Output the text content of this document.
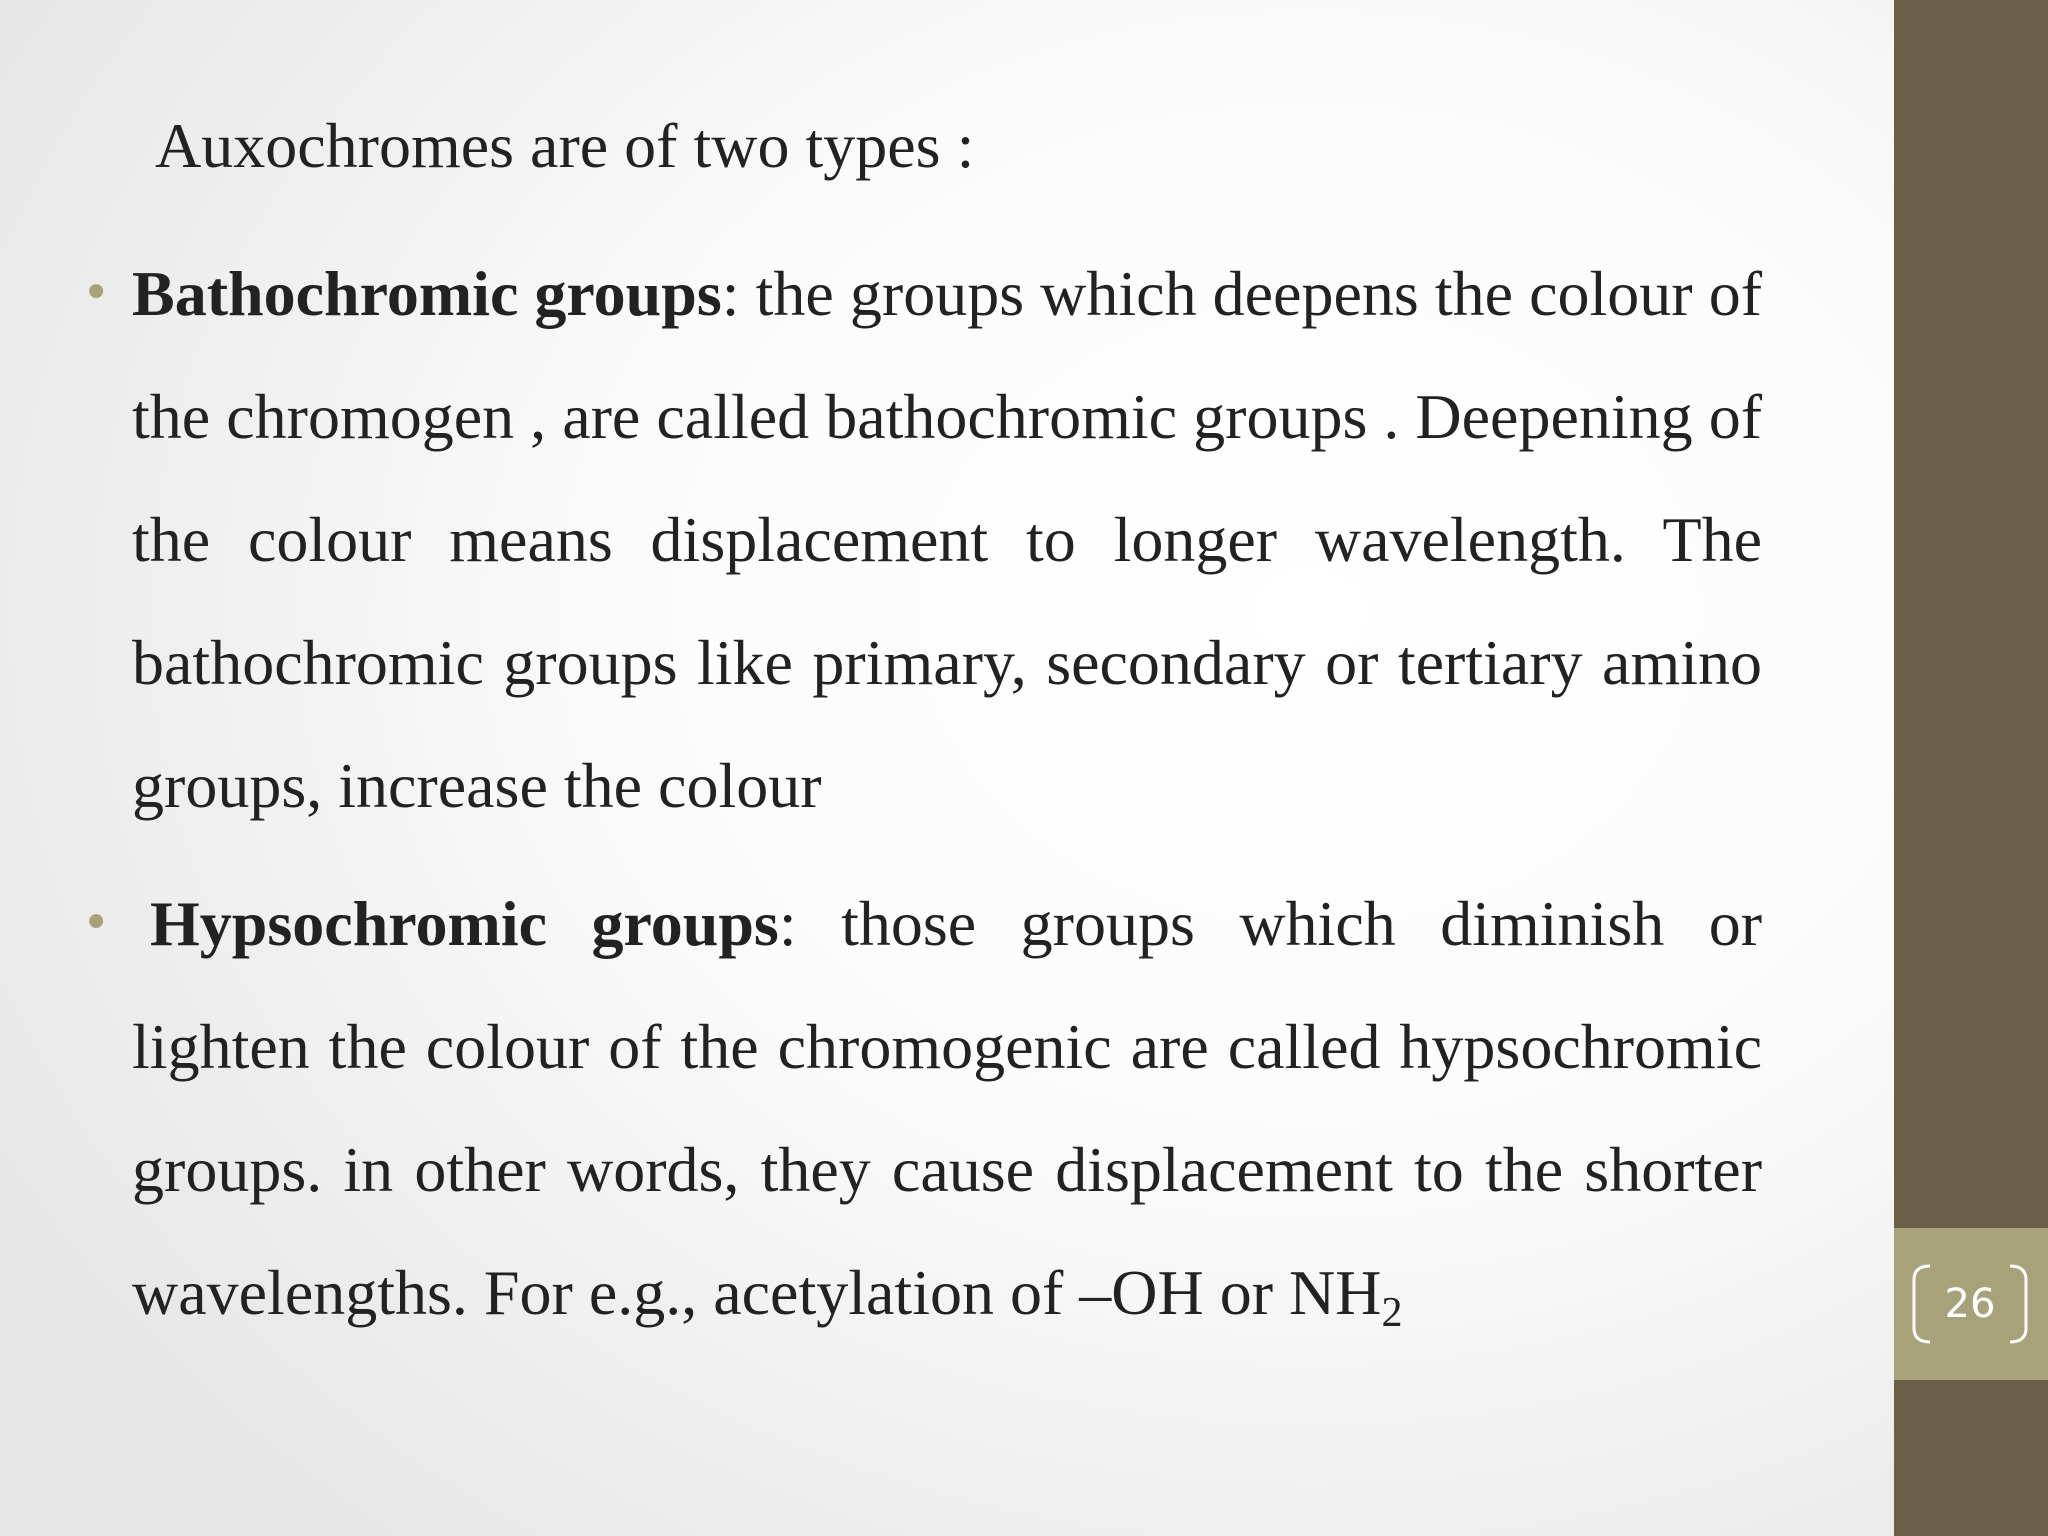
26
Auxochromes are of two types :
• Bathochromic groups: the groups which deepens the colour of the chromogen , are called bathochromic groups . Deepening of the colour means displacement to longer wavelength. The bathochromic groups like primary, secondary or tertiary amino groups, increase the colour
• Hypsochromic groups: those groups which diminish or lighten the colour of the chromogenic are called hypsochromic groups. in other words, they cause displacement to the shorter wavelengths. For e.g., acetylation of –OH or $NH_2$
